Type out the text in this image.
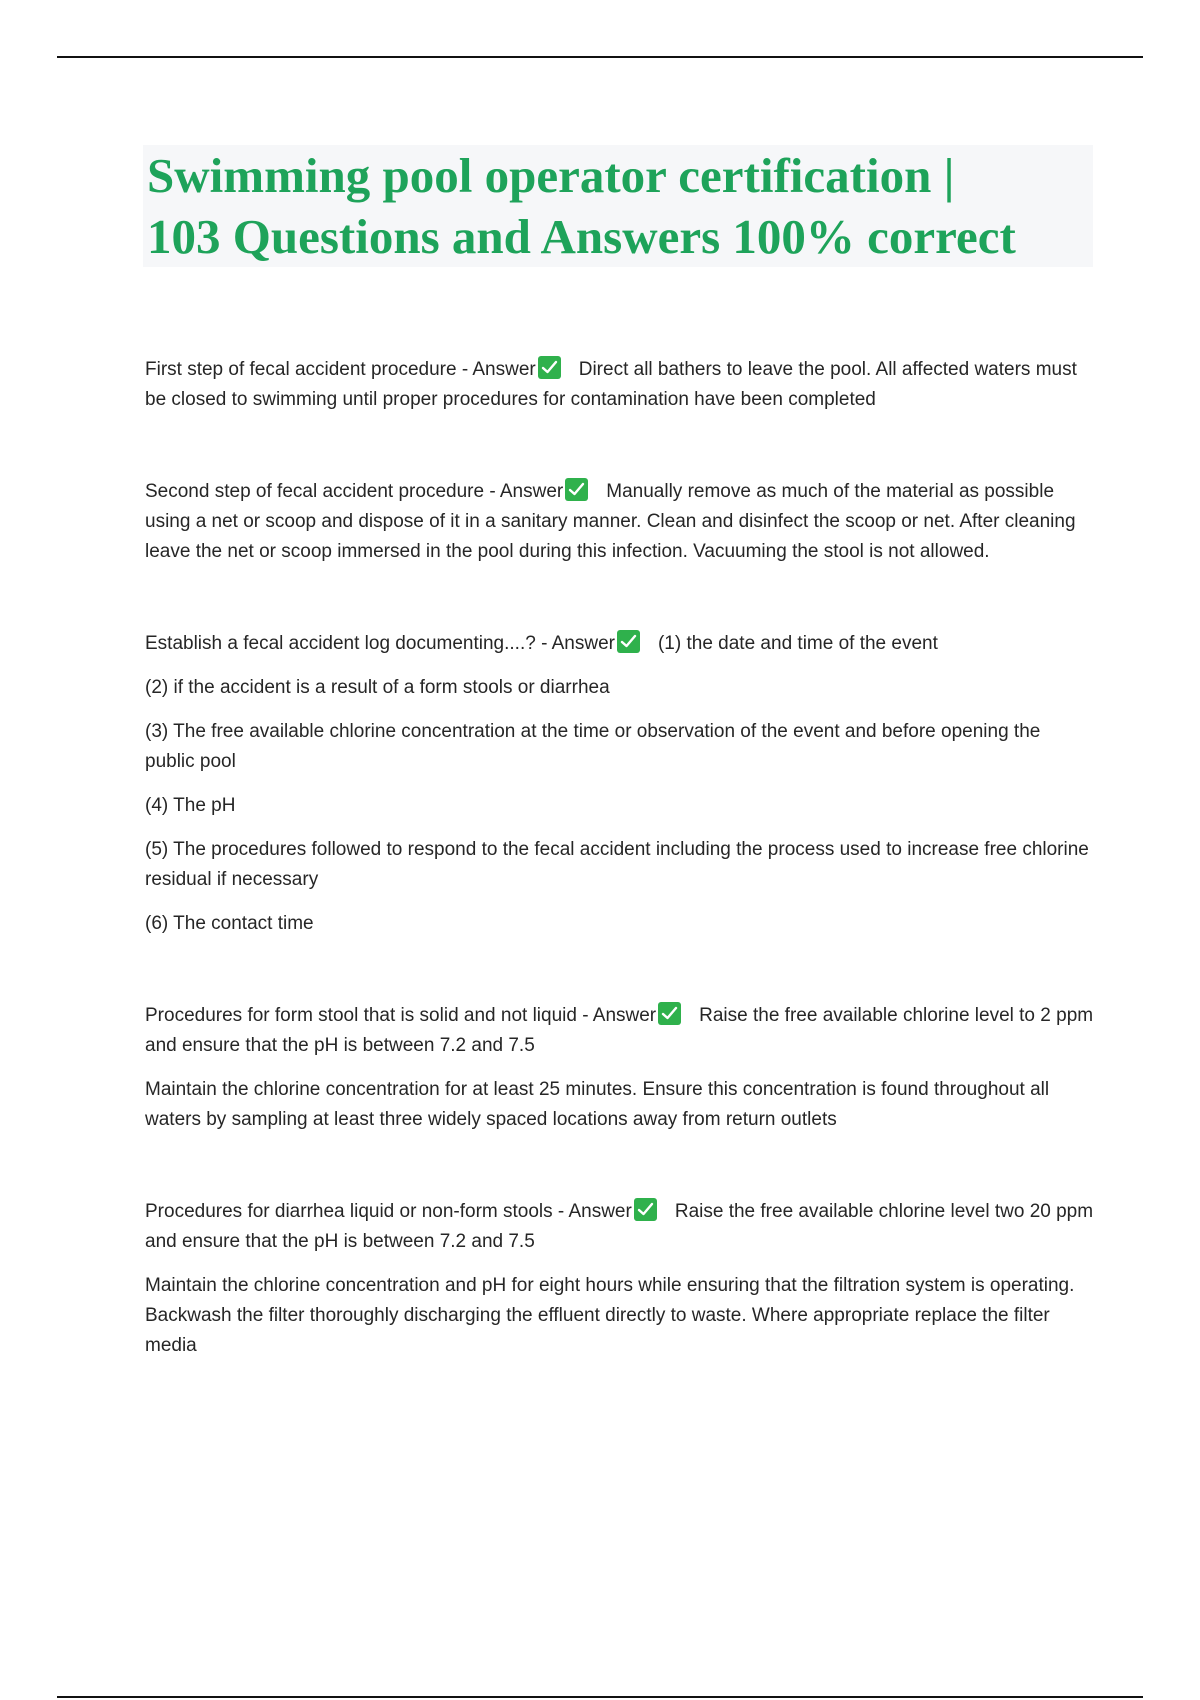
Swimming pool operator certification |
103 Questions and Answers 100% correct
First step of fecal accident procedure - Answer Direct all bathers to leave the pool. All affected waters must be closed to swimming until proper procedures for contamination have been completed
Second step of fecal accident procedure - Answer Manually remove as much of the material as possible using a net or scoop and dispose of it in a sanitary manner. Clean and disinfect the scoop or net. After cleaning leave the net or scoop immersed in the pool during this infection. Vacuuming the stool is not allowed.
Establish a fecal accident log documenting....? - Answer (1) the date and time of the event
(2) if the accident is a result of a form stools or diarrhea
(3) The free available chlorine concentration at the time or observation of the event and before opening the public pool
(4) The pH
(5) The procedures followed to respond to the fecal accident including the process used to increase free chlorine residual if necessary
(6) The contact time
Procedures for form stool that is solid and not liquid - Answer Raise the free available chlorine level to 2 ppm and ensure that the pH is between 7.2 and 7.5
Maintain the chlorine concentration for at least 25 minutes. Ensure this concentration is found throughout all waters by sampling at least three widely spaced locations away from return outlets
Procedures for diarrhea liquid or non-form stools - Answer Raise the free available chlorine level two 20 ppm and ensure that the pH is between 7.2 and 7.5
Maintain the chlorine concentration and pH for eight hours while ensuring that the filtration system is operating. Backwash the filter thoroughly discharging the effluent directly to waste. Where appropriate replace the filter media
